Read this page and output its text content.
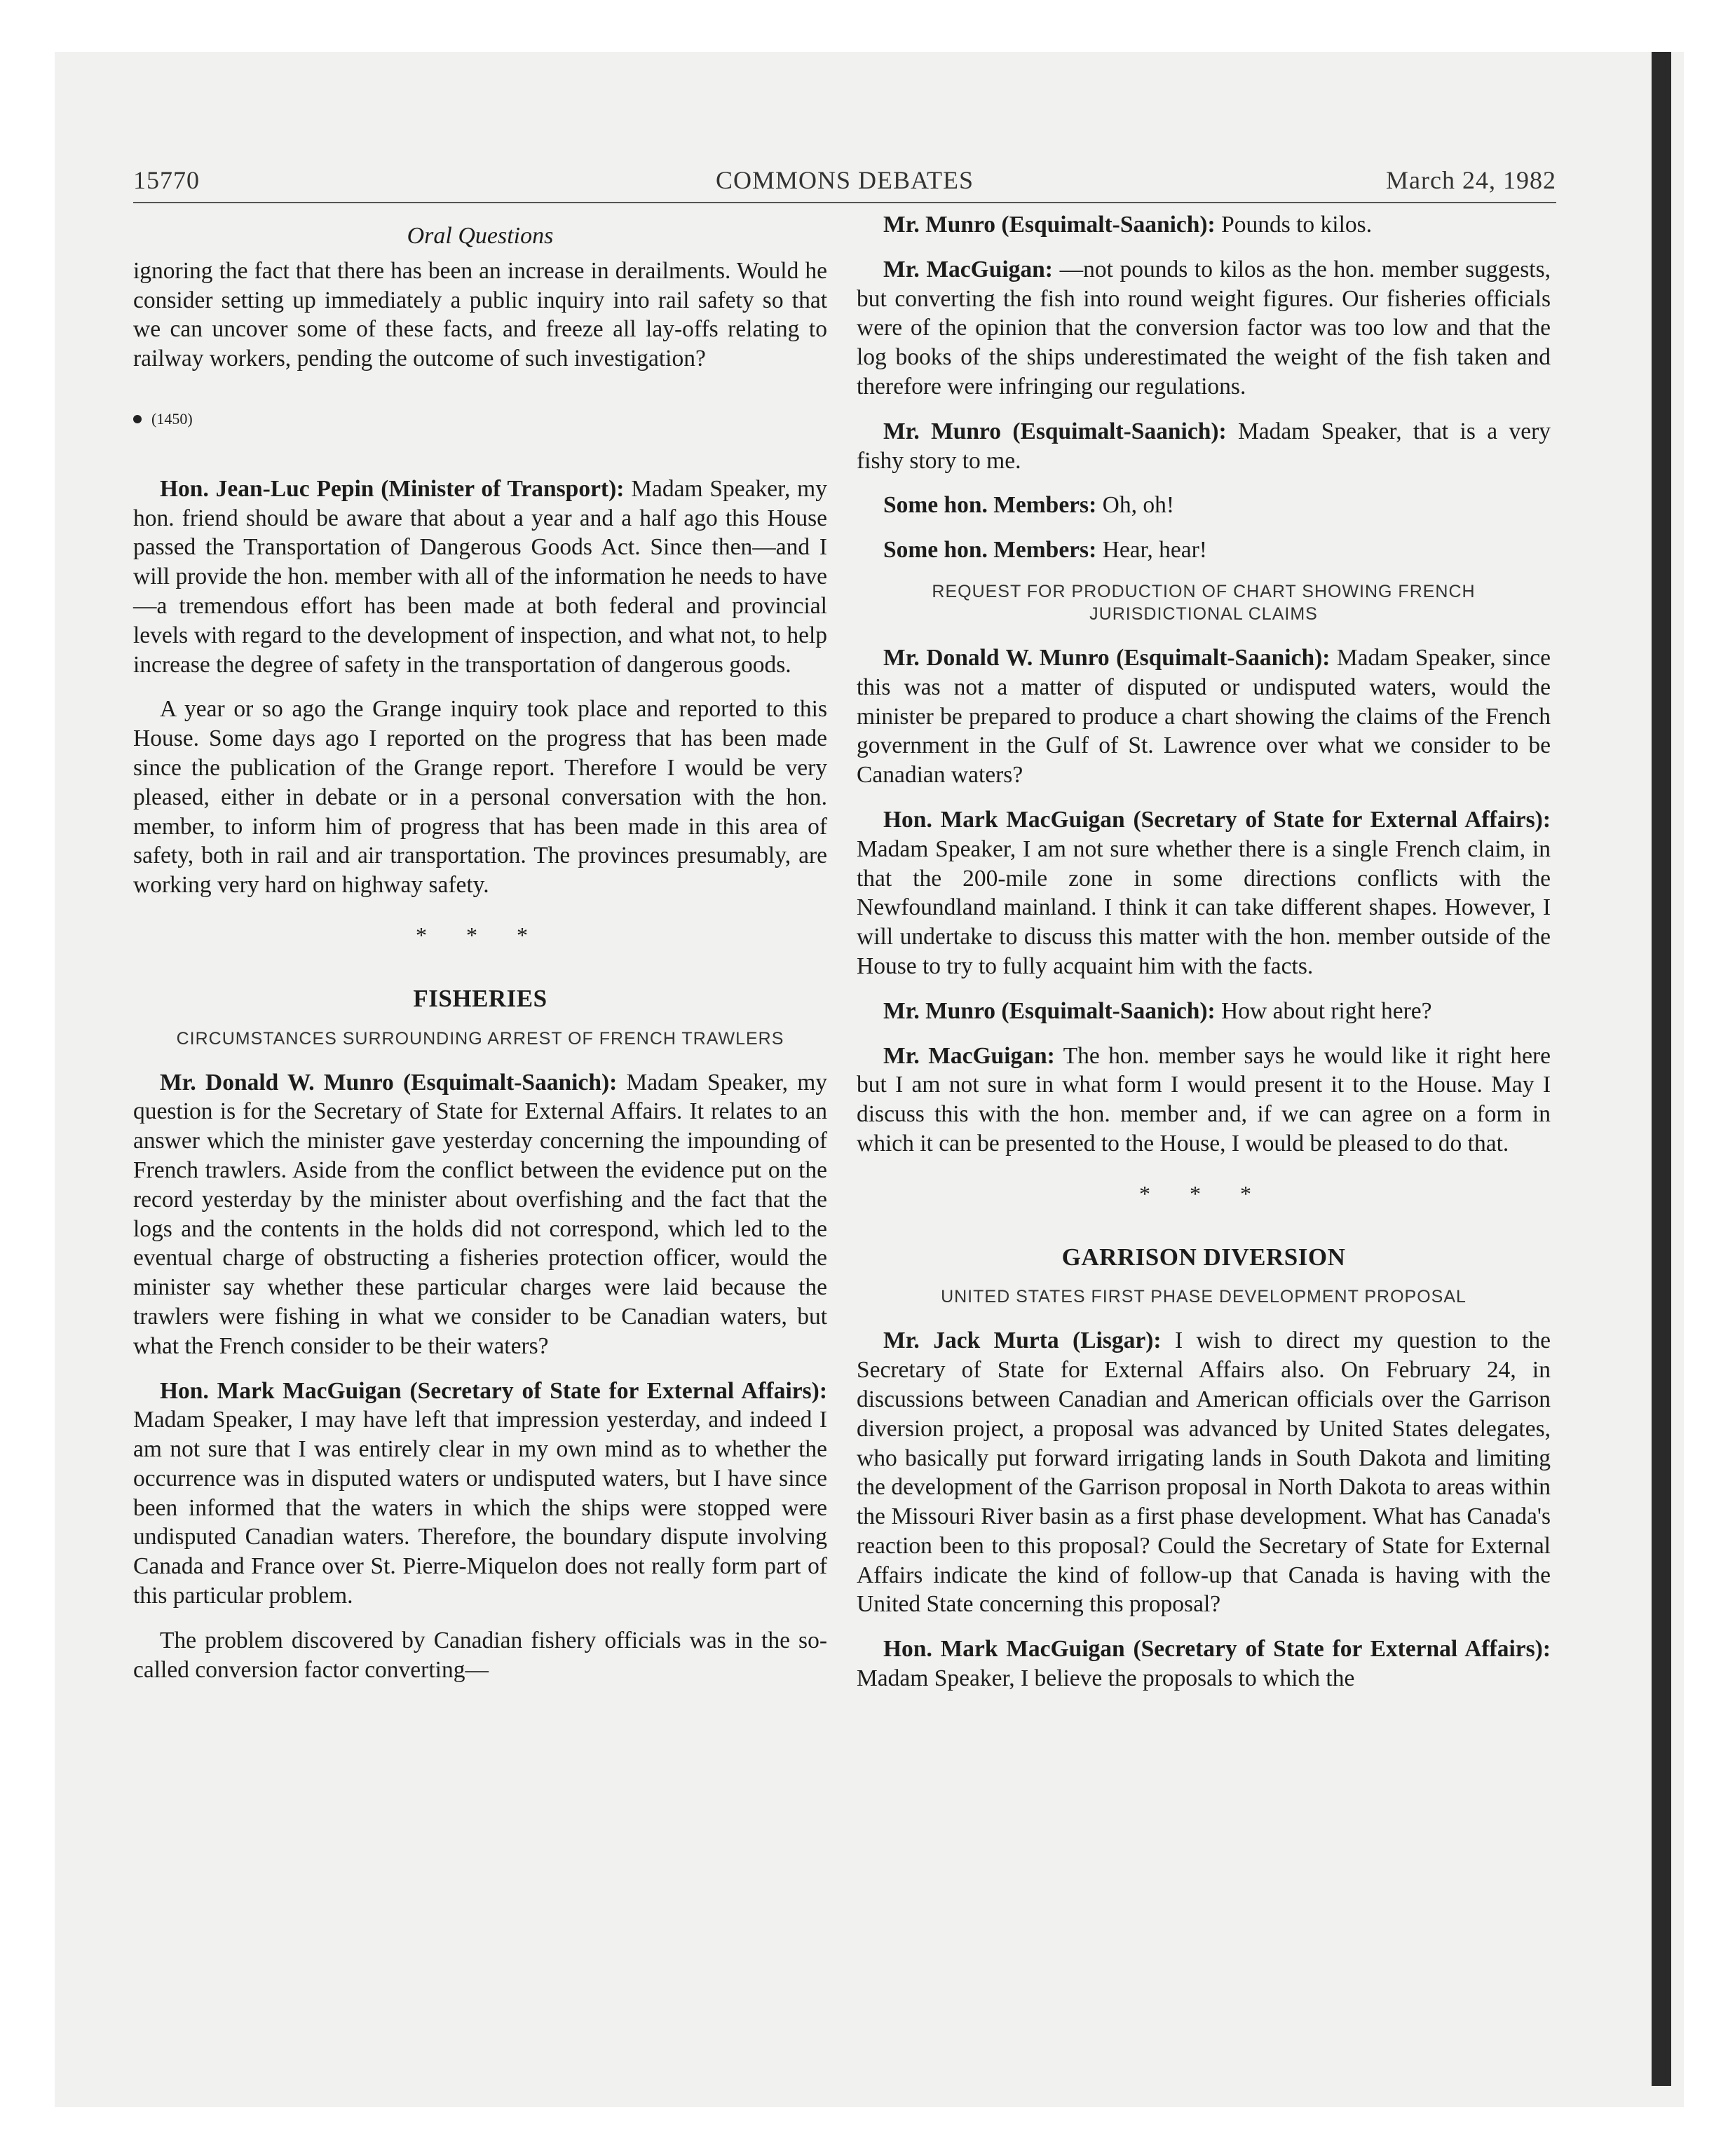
15770	COMMONS DEBATES	March 24, 1982
Oral Questions

ignoring the fact that there has been an increase in derailments. Would he consider setting up immediately a public inquiry into rail safety so that we can uncover some of these facts, and freeze all lay-offs relating to railway workers, pending the outcome of such investigation?

(1450)

Hon. Jean-Luc Pepin (Minister of Transport): Madam Speaker, my hon. friend should be aware that about a year and a half ago this House passed the Transportation of Dangerous Goods Act. Since then—and I will provide the hon. member with all of the information he needs to have—a tremendous effort has been made at both federal and provincial levels with regard to the development of inspection, and what not, to help increase the degree of safety in the transportation of dangerous goods.

A year or so ago the Grange inquiry took place and reported to this House. Some days ago I reported on the progress that has been made since the publication of the Grange report. Therefore I would be very pleased, either in debate or in a personal conversation with the hon. member, to inform him of progress that has been made in this area of safety, both in rail and air transportation. The provinces presumably, are working very hard on highway safety.

* * *
FISHERIES
CIRCUMSTANCES SURROUNDING ARREST OF FRENCH TRAWLERS

Mr. Donald W. Munro (Esquimalt-Saanich): Madam Speaker, my question is for the Secretary of State for External Affairs. It relates to an answer which the minister gave yesterday concerning the impounding of French trawlers. Aside from the conflict between the evidence put on the record yesterday by the minister about overfishing and the fact that the logs and the contents in the holds did not correspond, which led to the eventual charge of obstructing a fisheries protection officer, would the minister say whether these particular charges were laid because the trawlers were fishing in what we consider to be Canadian waters, but what the French consider to be their waters?

Hon. Mark MacGuigan (Secretary of State for External Affairs): Madam Speaker, I may have left that impression yesterday, and indeed I am not sure that I was entirely clear in my own mind as to whether the occurrence was in disputed waters or undisputed waters, but I have since been informed that the waters in which the ships were stopped were undisputed Canadian waters. Therefore, the boundary dispute involving Canada and France over St. Pierre-Miquelon does not really form part of this particular problem.

The problem discovered by Canadian fishery officials was in the so-called conversion factor converting—

Mr. Munro (Esquimalt-Saanich): Pounds to kilos.

Mr. MacGuigan: —not pounds to kilos as the hon. member suggests, but converting the fish into round weight figures. Our fisheries officials were of the opinion that the conversion factor was too low and that the log books of the ships underestimated the weight of the fish taken and therefore were infringing our regulations.

Mr. Munro (Esquimalt-Saanich): Madam Speaker, that is a very fishy story to me.

Some hon. Members: Oh, oh!

Some hon. Members: Hear, hear!

REQUEST FOR PRODUCTION OF CHART SHOWING FRENCH JURISDICTIONAL CLAIMS

Mr. Donald W. Munro (Esquimalt-Saanich): Madam Speaker, since this was not a matter of disputed or undisputed waters, would the minister be prepared to produce a chart showing the claims of the French government in the Gulf of St. Lawrence over what we consider to be Canadian waters?

Hon. Mark MacGuigan (Secretary of State for External Affairs): Madam Speaker, I am not sure whether there is a single French claim, in that the 200-mile zone in some directions conflicts with the Newfoundland mainland. I think it can take different shapes. However, I will undertake to discuss this matter with the hon. member outside of the House to try to fully acquaint him with the facts.

Mr. Munro (Esquimalt-Saanich): How about right here?

Mr. MacGuigan: The hon. member says he would like it right here but I am not sure in what form I would present it to the House. May I discuss this with the hon. member and, if we can agree on a form in which it can be presented to the House, I would be pleased to do that.

* * *
GARRISON DIVERSION
UNITED STATES FIRST PHASE DEVELOPMENT PROPOSAL

Mr. Jack Murta (Lisgar): I wish to direct my question to the Secretary of State for External Affairs also. On February 24, in discussions between Canadian and American officials over the Garrison diversion project, a proposal was advanced by United States delegates, who basically put forward irrigating lands in South Dakota and limiting the development of the Garrison proposal in North Dakota to areas within the Missouri River basin as a first phase development. What has Canada's reaction been to this proposal? Could the Secretary of State for External Affairs indicate the kind of follow-up that Canada is having with the United State concerning this proposal?

Hon. Mark MacGuigan (Secretary of State for External Affairs): Madam Speaker, I believe the proposals to which the
